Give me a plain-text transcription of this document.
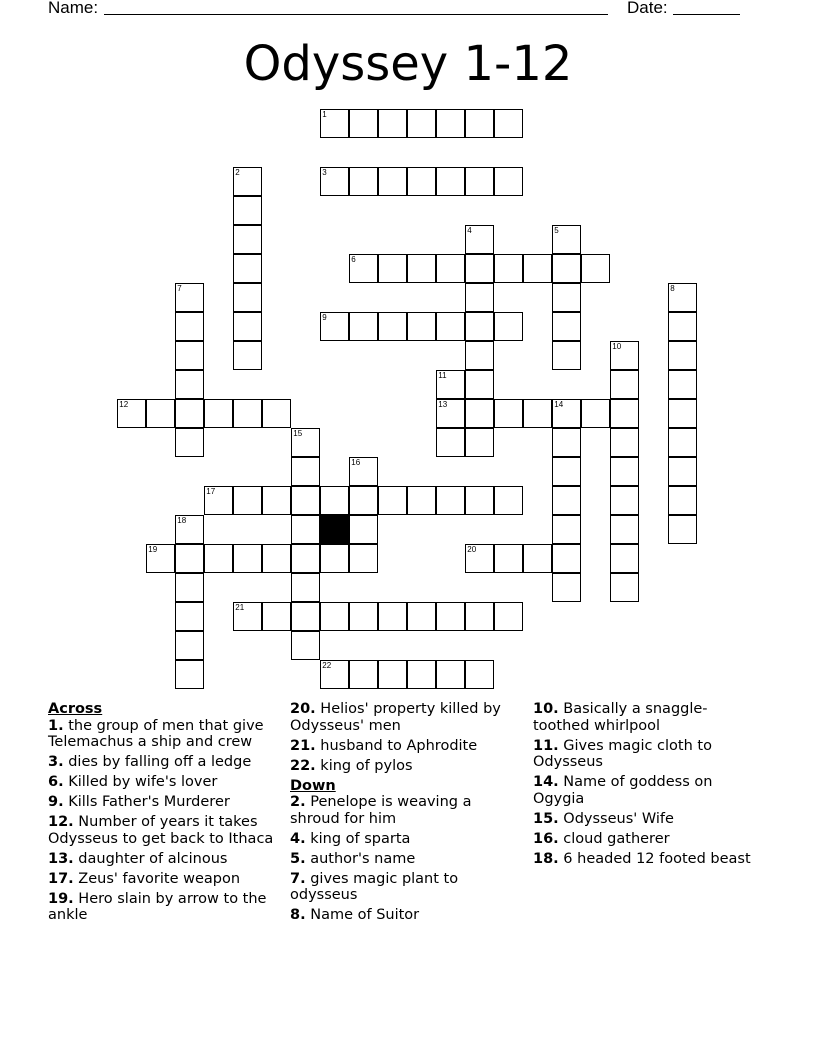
Name:	Date:
Odyssey 1-12
1
2	3
4	5
6
7	8
9
10
11
12	13	14
15
16
17
18
19	20
21
22
Across
1. the group of men that give Telemachus a ship and crew
3. dies by falling off a ledge
6. Killed by wife's lover
9. Kills Father's Murderer
12. Number of years it takes Odysseus to get back to Ithaca
13. daughter of alcinous
17. Zeus' favorite weapon
19. Hero slain by arrow to the ankle
20. Helios' property killed by Odysseus' men
21. husband to Aphrodite
22. king of pylos
Down
2. Penelope is weaving a shroud for him
4. king of sparta
5. author's name
7. gives magic plant to odysseus
8. Name of Suitor
10. Basically a snaggle-toothed whirlpool
11. Gives magic cloth to Odysseus
14. Name of goddess on Ogygia
15. Odysseus' Wife
16. cloud gatherer
18. 6 headed 12 footed beast
